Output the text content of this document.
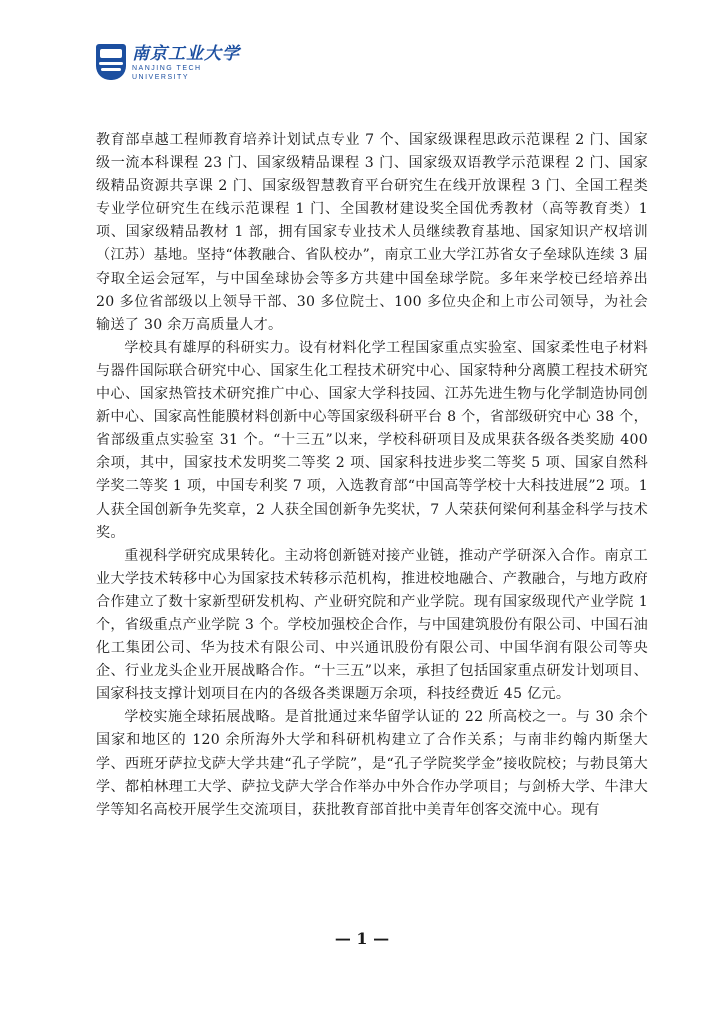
南京工业大学
NANJING TECH
UNIVERSITY

教育部卓越工程师教育培养计划试点专业 7 个、国家级课程思政示范课程 2 门、国家级一流本科课程 23 门、国家级精品课程 3 门、国家级双语教学示范课程 2 门、国家级精品资源共享课 2 门、国家级智慧教育平台研究生在线开放课程 3 门、全国工程类专业学位研究生在线示范课程 1 门、全国教材建设奖全国优秀教材（高等教育类）1 项、国家级精品教材 1 部，拥有国家专业技术人员继续教育基地、国家知识产权培训（江苏）基地。坚持“体教融合、省队校办”，南京工业大学江苏省女子垒球队连续 3 届夺取全运会冠军，与中国垒球协会等多方共建中国垒球学院。多年来学校已经培养出 20 多位省部级以上领导干部、30 多位院士、100 多位央企和上市公司领导，为社会输送了 30 余万高质量人才。

学校具有雄厚的科研实力。设有材料化学工程国家重点实验室、国家柔性电子材料与器件国际联合研究中心、国家生化工程技术研究中心、国家特种分离膜工程技术研究中心、国家热管技术研究推广中心、国家大学科技园、江苏先进生物与化学制造协同创新中心、国家高性能膜材料创新中心等国家级科研平台 8 个，省部级研究中心 38 个，省部级重点实验室 31 个。“十三五”以来，学校科研项目及成果获各级各类奖励 400 余项，其中，国家技术发明奖二等奖 2 项、国家科技进步奖二等奖 5 项、国家自然科学奖二等奖 1 项，中国专利奖 7 项，入选教育部“中国高等学校十大科技进展”2 项。1 人获全国创新争先奖章，2 人获全国创新争先奖状，7 人荣获何梁何利基金科学与技术奖。

重视科学研究成果转化。主动将创新链对接产业链，推动产学研深入合作。南京工业大学技术转移中心为国家技术转移示范机构，推进校地融合、产教融合，与地方政府合作建立了数十家新型研发机构、产业研究院和产业学院。现有国家级现代产业学院 1 个，省级重点产业学院 3 个。学校加强校企合作，与中国建筑股份有限公司、中国石油化工集团公司、华为技术有限公司、中兴通讯股份有限公司、中国华润有限公司等央企、行业龙头企业开展战略合作。“十三五”以来，承担了包括国家重点研发计划项目、国家科技支撑计划项目在内的各级各类课题万余项，科技经费近 45 亿元。

学校实施全球拓展战略。是首批通过来华留学认证的 22 所高校之一。与 30 余个国家和地区的 120 余所海外大学和科研机构建立了合作关系；与南非约翰内斯堡大学、西班牙萨拉戈萨大学共建“孔子学院”，是“孔子学院奖学金”接收院校；与勃艮第大学、都柏林理工大学、萨拉戈萨大学合作举办中外合作办学项目；与剑桥大学、牛津大学等知名高校开展学生交流项目，获批教育部首批中美青年创客交流中心。现有

— 1 —
